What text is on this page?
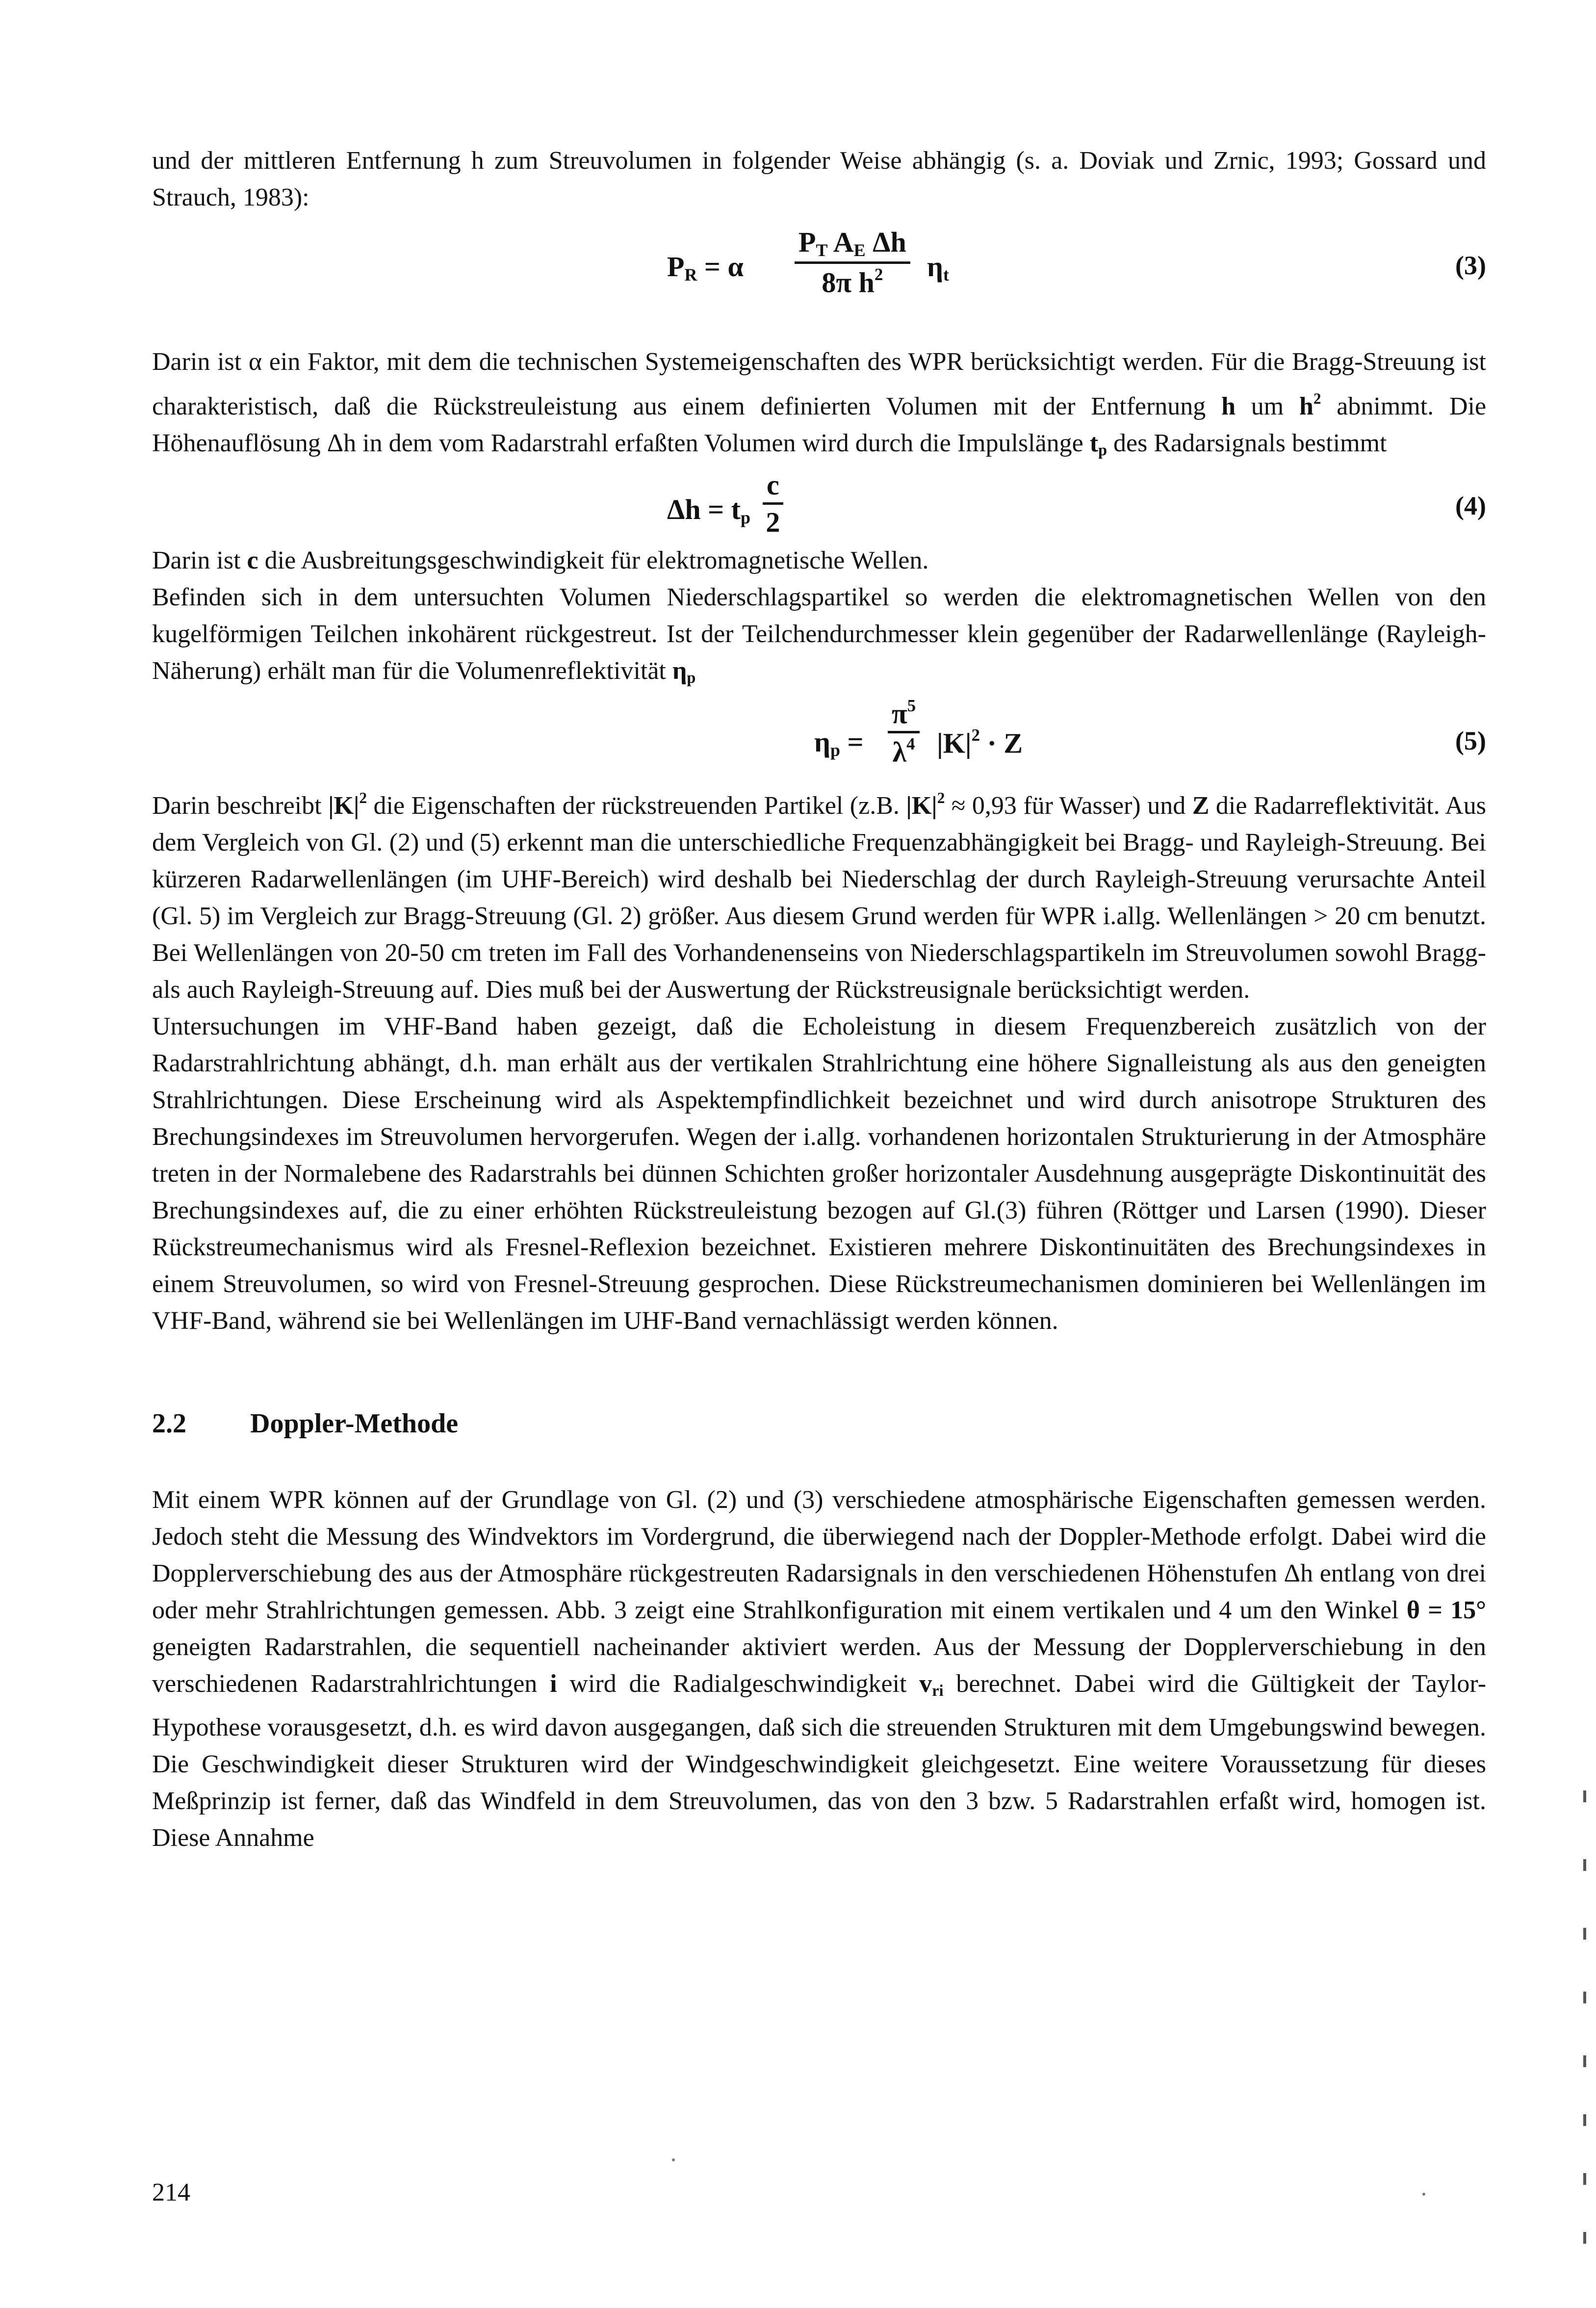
und der mittleren Entfernung h zum Streuvolumen in folgender Weise abhängig (s. a. Doviak und Zrnic, 1993; Gossard und Strauch, 1983):

$P_R = \alpha \frac{P_T A_E \Delta h}{8\pi h^2} \eta_t$	(3)

Darin ist α ein Faktor, mit dem die technischen Systemeigenschaften des WPR berücksichtigt werden. Für die Bragg-Streuung ist charakteristisch, daß die Rückstreuleistung aus einem definierten Volumen mit der Entfernung h um $h^2$ abnimmt. Die Höhenauflösung Δh in dem vom Radarstrahl erfaßten Volumen wird durch die Impulslänge $t_p$ des Radarsignals bestimmt

$\Delta h = t_p \frac{c}{2}$	(4)

Darin ist c die Ausbreitungsgeschwindigkeit für elektromagnetische Wellen.

Befinden sich in dem untersuchten Volumen Niederschlagspartikel so werden die elektromagnetischen Wellen von den kugelförmigen Teilchen inkohärent rückgestreut. Ist der Teilchendurchmesser klein gegenüber der Radarwellenlänge (Rayleigh-Näherung) erhält man für die Volumenreflektivität $\eta_p$

$\eta_p = \frac{\pi^5}{\lambda^4} |K|^2 \cdot Z$	(5)

Darin beschreibt $|K|^2$ die Eigenschaften der rückstreuenden Partikel (z.B. $|K|^2 \approx 0,93$ für Wasser) und Z die Radarreflektivität. Aus dem Vergleich von Gl. (2) und (5) erkennt man die unterschiedliche Frequenzabhängigkeit bei Bragg- und Rayleigh-Streuung. Bei kürzeren Radarwellenlängen (im UHF-Bereich) wird deshalb bei Niederschlag der durch Rayleigh-Streuung verursachte Anteil (Gl. 5) im Vergleich zur Bragg-Streuung (Gl. 2) größer. Aus diesem Grund werden für WPR i.allg. Wellenlängen > 20 cm benutzt. Bei Wellenlängen von 20-50 cm treten im Fall des Vorhandenenseins von Niederschlagspartikeln im Streuvolumen sowohl Bragg- als auch Rayleigh-Streuung auf. Dies muß bei der Auswertung der Rückstreusignale berücksichtigt werden.

Untersuchungen im VHF-Band haben gezeigt, daß die Echoleistung in diesem Frequenzbereich zusätzlich von der Radarstrahlrichtung abhängt, d.h. man erhält aus der vertikalen Strahlrichtung eine höhere Signalleistung als aus den geneigten Strahlrichtungen. Diese Erscheinung wird als Aspektempfindlichkeit bezeichnet und wird durch anisotrope Strukturen des Brechungsindexes im Streuvolumen hervorgerufen. Wegen der i.allg. vorhandenen horizontalen Strukturierung in der Atmosphäre treten in der Normalebene des Radarstrahls bei dünnen Schichten großer horizontaler Ausdehnung ausgeprägte Diskontinuität des Brechungsindexes auf, die zu einer erhöhten Rückstreuleistung bezogen auf Gl.(3) führen (Röttger und Larsen (1990). Dieser Rückstreumechanismus wird als Fresnel-Reflexion bezeichnet. Existieren mehrere Diskontinuitäten des Brechungsindexes in einem Streuvolumen, so wird von Fresnel-Streuung gesprochen. Diese Rückstreumechanismen dominieren bei Wellenlängen im VHF-Band, während sie bei Wellenlängen im UHF-Band vernachlässigt werden können.

2.2 Doppler-Methode

Mit einem WPR können auf der Grundlage von Gl. (2) und (3) verschiedene atmosphärische Eigenschaften gemessen werden. Jedoch steht die Messung des Windvektors im Vordergrund, die überwiegend nach der Doppler-Methode erfolgt. Dabei wird die Dopplerverschiebung des aus der Atmosphäre rückgestreuten Radarsignals in den verschiedenen Höhenstufen Δh entlang von drei oder mehr Strahlrichtungen gemessen. Abb. 3 zeigt eine Strahlkonfiguration mit einem vertikalen und 4 um den Winkel θ = 15° geneigten Radarstrahlen, die sequentiell nacheinander aktiviert werden. Aus der Messung der Dopplerverschiebung in den verschiedenen Radarstrahlrichtungen i wird die Radialgeschwindigkeit $v_{ri}$ berechnet. Dabei wird die Gültigkeit der Taylor-Hypothese vorausgesetzt, d.h. es wird davon ausgegangen, daß sich die streuenden Strukturen mit dem Umgebungswind bewegen. Die Geschwindigkeit dieser Strukturen wird der Windgeschwindigkeit gleichgesetzt. Eine weitere Voraussetzung für dieses Meßprinzip ist ferner, daß das Windfeld in dem Streuvolumen, das von den 3 bzw. 5 Radarstrahlen erfaßt wird, homogen ist. Diese Annahme

214
